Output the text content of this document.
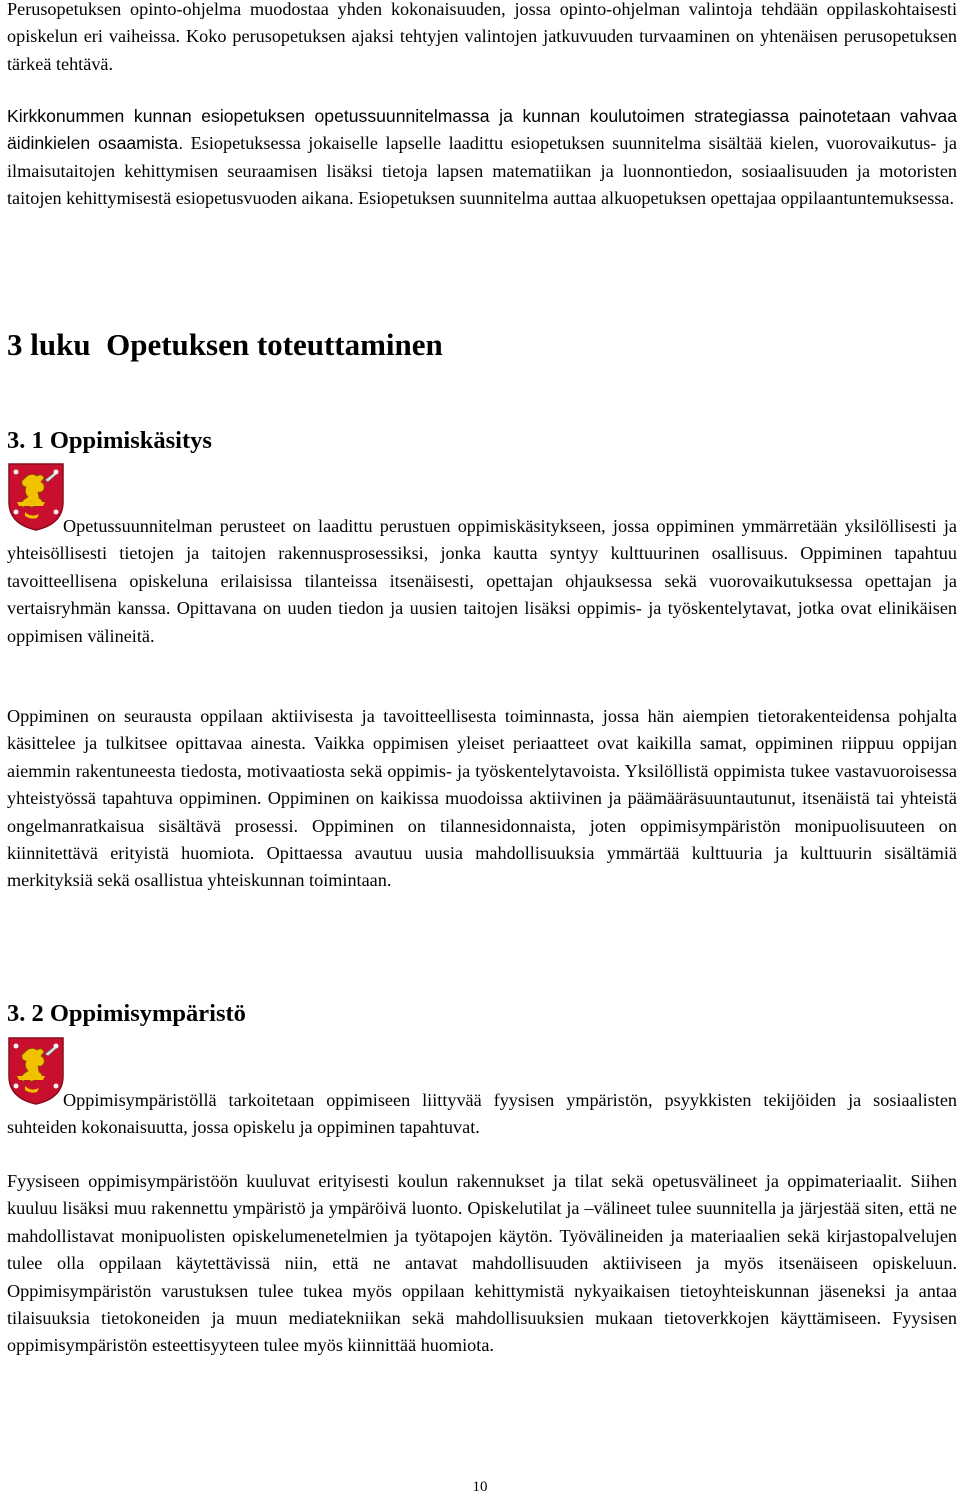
Perusopetuksen opinto-ohjelma muodostaa yhden kokonaisuuden, jossa opinto-ohjelman valintoja tehdään oppilaskohtaisesti opiskelun eri vaiheissa. Koko perusopetuksen ajaksi tehtyjen valintojen jatkuvuuden turvaaminen on yhtenäisen perusopetuksen tärkeä tehtävä.

Kirkkonummen kunnan esiopetuksen opetussuunnitelmassa ja kunnan koulutoimen strategiassa painotetaan vahvaa äidinkielen osaamista. Esiopetuksessa jokaiselle lapselle laadittu esiopetuksen suunnitelma sisältää kielen, vuorovaikutus- ja ilmaisutaitojen kehittymisen seuraamisen lisäksi tietoja lapsen matematiikan ja luonnontiedon, sosiaalisuuden ja motoristen taitojen kehittymisestä esiopetusvuoden aikana. Esiopetuksen suunnitelma auttaa alkuopetuksen opettajaa oppilaantuntemuksessa.

3 luku  Opetuksen toteuttaminen
3. 1 Oppimiskäsitys

Opetussuunnitelman perusteet on laadittu perustuen oppimiskäsitykseen, jossa oppiminen ymmärretään yksilöllisesti ja yhteisöllisesti tietojen ja taitojen rakennusprosessiksi, jonka kautta syntyy kulttuurinen osallisuus. Oppiminen tapahtuu tavoitteellisena opiskeluna erilaisissa tilanteissa itsenäisesti, opettajan ohjauksessa sekä vuorovaikutuksessa opettajan ja vertaisryhmän kanssa. Opittavana on uuden tiedon ja uusien taitojen lisäksi oppimis- ja työskentelytavat, jotka ovat elinikäisen oppimisen välineitä.

Oppiminen on seurausta oppilaan aktiivisesta ja tavoitteellisesta toiminnasta, jossa hän aiempien tietorakenteidensa pohjalta käsittelee ja tulkitsee opittavaa ainesta. Vaikka oppimisen yleiset periaatteet ovat kaikilla samat, oppiminen riippuu oppijan aiemmin rakentuneesta tiedosta, motivaatiosta sekä oppimis- ja työskentelytavoista. Yksilöllistä oppimista tukee vastavuoroisessa yhteistyössä tapahtuva oppiminen. Oppiminen on kaikissa muodoissa aktiivinen ja päämääräsuuntautunut, itsenäistä tai yhteistä ongelmanratkaisua sisältävä prosessi. Oppiminen on tilannesidonnaista, joten oppimisympäristön monipuolisuuteen on kiinnitettävä erityistä huomiota. Opittaessa avautuu uusia mahdollisuuksia ymmärtää kulttuuria ja kulttuurin sisältämiä merkityksiä sekä osallistua yhteiskunnan toimintaan.

3. 2 Oppimisympäristö

Oppimisympäristöllä tarkoitetaan oppimiseen liittyvää fyysisen ympäristön, psyykkisten tekijöiden ja sosiaalisten suhteiden kokonaisuutta, jossa opiskelu ja oppiminen tapahtuvat.

Fyysiseen oppimisympäristöön kuuluvat erityisesti koulun rakennukset ja tilat sekä opetusvälineet ja oppimateriaalit. Siihen kuuluu lisäksi muu rakennettu ympäristö ja ympäröivä luonto. Opiskelutilat ja –välineet tulee suunnitella ja järjestää siten, että ne mahdollistavat monipuolisten opiskelumenetelmien ja työtapojen käytön. Työvälineiden ja materiaalien sekä kirjastopalvelujen tulee olla oppilaan käytettävissä niin, että ne antavat mahdollisuuden aktiiviseen ja myös itsenäiseen opiskeluun. Oppimisympäristön varustuksen tulee tukea myös oppilaan kehittymistä nykyaikaisen tietoyhteiskunnan jäseneksi ja antaa tilaisuuksia tietokoneiden ja muun mediatekniikan sekä mahdollisuuksien mukaan tietoverkkojen käyttämiseen. Fyysisen oppimisympäristön esteettisyyteen tulee myös kiinnittää huomiota.

10
